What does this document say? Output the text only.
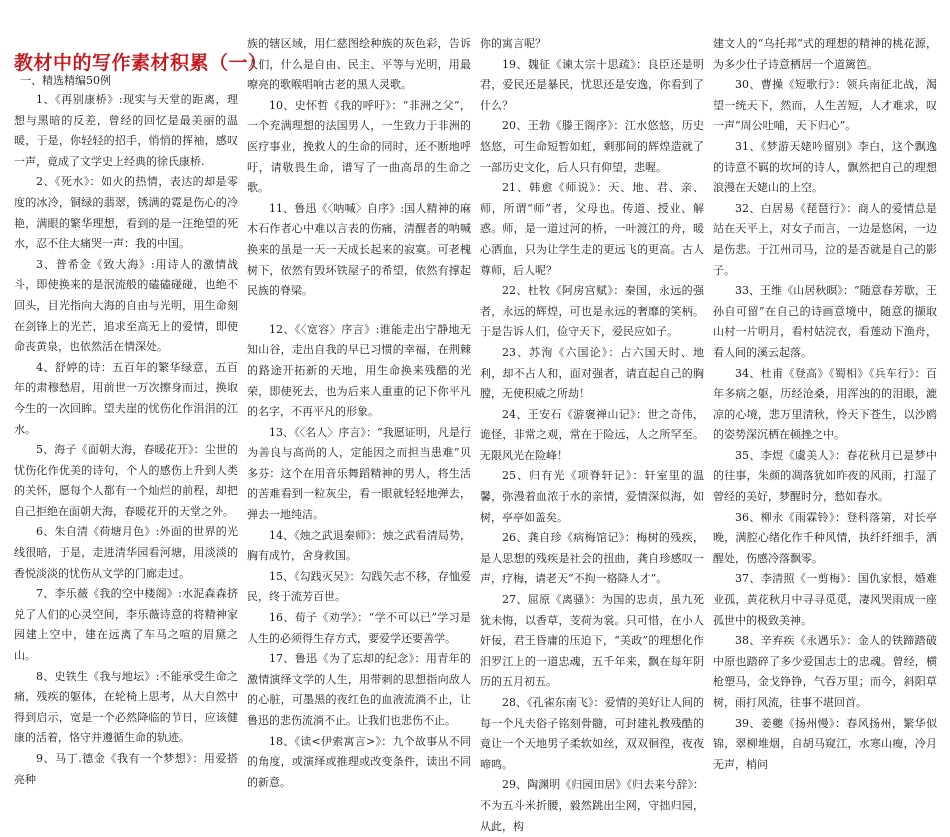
教材中的写作素材积累（一）

一、精选精编50例

1、《再别康桥》:现实与天堂的距离，理想与黑暗的反差，曾经的回忆是最美丽的温暖，于是，你轻轻的招手，悄悄的挥袖，感叹一声，竟成了文学史上经典的徐氏康桥.

2、《死水》：如火的热情，表达的却是零度的冰冷，铜绿的翡翠，锈满的霓是伤心的冷艳，满眼的繁华理想，看到的是一汪绝望的死水，忍不住大痛哭一声：我的中国。

3、普希金《致大海》:用诗人的激情战斗，即使换来的是泯流般的磕磕碰碰，也绝不回头，目光指向大海的自由与光明，用生命刻在剑锋上的光芒，追求至高无上的爱情，即使命丧黄泉，也依然活在情深处。

4、舒婷的诗：五百年的繁华绿意，五百年的肃穆愁眉，用前世一万次擦身而过，换取今生的一次回眸。望夫崖的忧伤化作涓涓的江水。

5、海子《面朝大海，春暖花开》：尘世的忧伤化作优美的诗句，个人的感伤上升到人类的关怀，愿每个人都有一个灿烂的前程，却把自己拒绝在面朝大海，春暖花开的天堂之外。

6、朱自清《荷塘月色》:外面的世界的光线很暗，于是，走进清华园看河塘，用淡淡的香悦淡淡的忧伤从文学的门廊走过。

7、李乐薇《我的空中楼阁》:水泥森森挤兑了人们的心灵空间，李乐薇诗意的将精神家园建上空中，建在远离了车马之喧的眉黛之山。

8、史铁生《我与地坛》:不能承受生命之痛，残疾的躯体，在轮椅上思考，从大自然中得到启示，宽是一个必然降临的节日，应该健康的活着，恪守并遵循生命的轨迹。

9、马丁.德金《我有一个梦想》：用爱搭亮种

族的辖区域，用仁慈图绘种族的灰色彩，告诉人们，什么是自由、民主、平等与光明，用最嘹亮的歌喉唱响古老的黑人灵歌。

10、史怀哲《我的呼吁》：“非洲之父”，一个充满理想的法国男人，一生致力于非洲的医疗事业，挽救人的生命的同时，还不断地呼吁，请敬畏生命，谱写了一曲高昂的生命之歌。

11、鲁迅《〈呐喊〉自序》:国人精神的麻木石作者心中难以言表的伤痛，清醒者的呐喊换来的虽是一天一天成长起来的寂寞。可老槐树下，依然有毁坏铁屋子的希望，依然有撑起民族的脊梁。

12、《〈宽容〉序言》:谁能走出宁静地无知山谷，走出自我的早已习惯的幸福，在荆棘的路途开拓新的天地，用生命换来残酷的光荣，即使死去，也为后来人重重的记下你平凡的名字，不再平凡的形象。

13、《〈名人〉序言》：“我愿证明，凡是行为善良与高尚的人，定能因之而担当患难”贝多芬：这个在用音乐舞蹈精神的男人，将生活的苦难看到一粒灰尘，看一眼就轻轻地弹去，弹去一地纯洁。

14、《烛之武退秦师》：烛之武看清局势，胸有成竹，舍身救国。

15、《勾践灭吴》：勾践矢志不移，存恤爱民，终于流芳百世。

16、荀子《劝学》：“学不可以已”学习是人生的必须得生存方式，要爱学还要善学。

17、鲁迅《为了忘却的纪念》：用青年的激情演绎文学的人生，用带刺的思想指向敌人的心脏，可墨黑的夜红色的血液流淌不止，让鲁迅的悲伤流淌不止。让我们也悲伤不止。

18、《读<伊索寓言>》：九个故事从不同的角度，或演绎或推理或改变条件，读出不同的新意。

你的寓言呢？

19、魏征《谏太宗十思疏》：良臣还是明君，爱民还是暴民，忧思还是安逸，你看到了什么？

20、王勃《滕王阁序》：江水悠悠，历史悠悠，可生命短暂如虹，剩那间的辉煌造就了一部历史文化，后人只有仰望，悲喔。

21、韩愈《师说》：天、地、君、亲、师，所谓“师”者，父母也。传道、授业、解惑。师，是一道过河的桥，一叶渡江的舟，暖心洒血，只为让学生走的更远飞的更高。古人尊师，后人呢？

22、杜牧《阿房宫赋》：秦国，永远的强者，永远的辉煌，可也是永远的奢靡的笑柄。于是告诉人们，俭守天下，爱民应如子。

23、苏洵《六国论》：占六国天时、地利，却不占人和，面对强者，请直起自己的胸膛，无使积威之所劫！

24、王安石《游褒禅山记》：世之奇伟，诡怪，非常之观，常在于险远，人之所罕至。无限风光在险峰！

25、归有光《项脊轩记》：轩室里的温馨，弥漫着血浓于水的亲情，爱情深似海，如树，亭亭如盖矣。

26、龚自珍《病梅馆记》：梅树的残疾，是人思想的残疾是社会的扭曲，龚自珍感叹一声，疗梅，请老天“不拘一格降人才”。

27、屈原《离骚》：为国的忠贞，虽九死犹未悔，以香草，芰荷为裳。只可惜，在小人奸佞，君王昏庸的压迫下，“美政”的理想化作汨罗江上的一道忠魂，五千年来，飘在每年阴历的五月初五。

28、《孔雀东南飞》：爱情的美好让人间的每一个凡夫俗子铭刻骨髓，可封建礼教残酷的竟让一个天地男子柔软如丝，双双徊徨，夜夜啼鸣。

29、陶渊明《归园田居》《归去来兮辞》：不为五斗米折腰，毅然跳出尘网，守拙归园，从此，构

建文人的“乌托邦”式的理想的精神的桃花源，为多少仕子诗意栖居一个道篱笆。

30、曹操《短歌行》：领兵南征北战，渴望一统天下，然而，人生苦短，人才难求，叹一声“周公吐哺，天下归心”。

31、《梦游天姥吟留别》李白，这个飘逸的诗意不羁的坎坷的诗人，飘然把自己的理想浪漫在天姥山的上空。

32、白居易《琵琶行》：商人的爱情总是站在天平上，对女子而言，一边是悠闲，一边是伤悲。于江州司马，泣的是否就是自己的影子。

33、王维《山居秋暝》：“随意春芳歇，王孙自可留”在自己的诗画意境中，随意的撷取山村一片明月，看村姑浣衣，看莲动下渔舟，看人间的溪云起落。

34、杜甫《登高》《蜀相》《兵车行》：百年多病之躯，历经沧桑，用浑浊的的泪眼，漉凉的心境，悲万里清秋，怜天下苍生，以沙鸥的姿势深沉栖在顿挫之中。

35、李煜《虞美人》：春花秋月已是梦中的往事，朱颜的凋落犹如昨夜的风雨，打湿了曾经的美好，梦醒时分，愁如春水。

36、柳永《雨霖铃》：登科落第，对长亭晚，满腔心绪化作千种风情，执纤纤细手，洒醒处，伤感冷落飘零。

37、李清照《一剪梅》：国仇家恨，婚难业孤，黄花秋月中寻寻觅觅，凄风哭雨成一座孤世中的极致美神。

38、辛弃疾《永遇乐》：金人的铁蹄踏破中原也踏碎了多少爱国志士的忠魂。曾经，横枪塑马，金戈铮铮，气吞万里；而今，斜阳草树，雨打风流，往事不堪回首。

39、姜夔《扬州慢》：春风扬州，繁华似锦，翠柳堆烟，自胡马窥江，水寒山瘦，冷月无声，梢问
